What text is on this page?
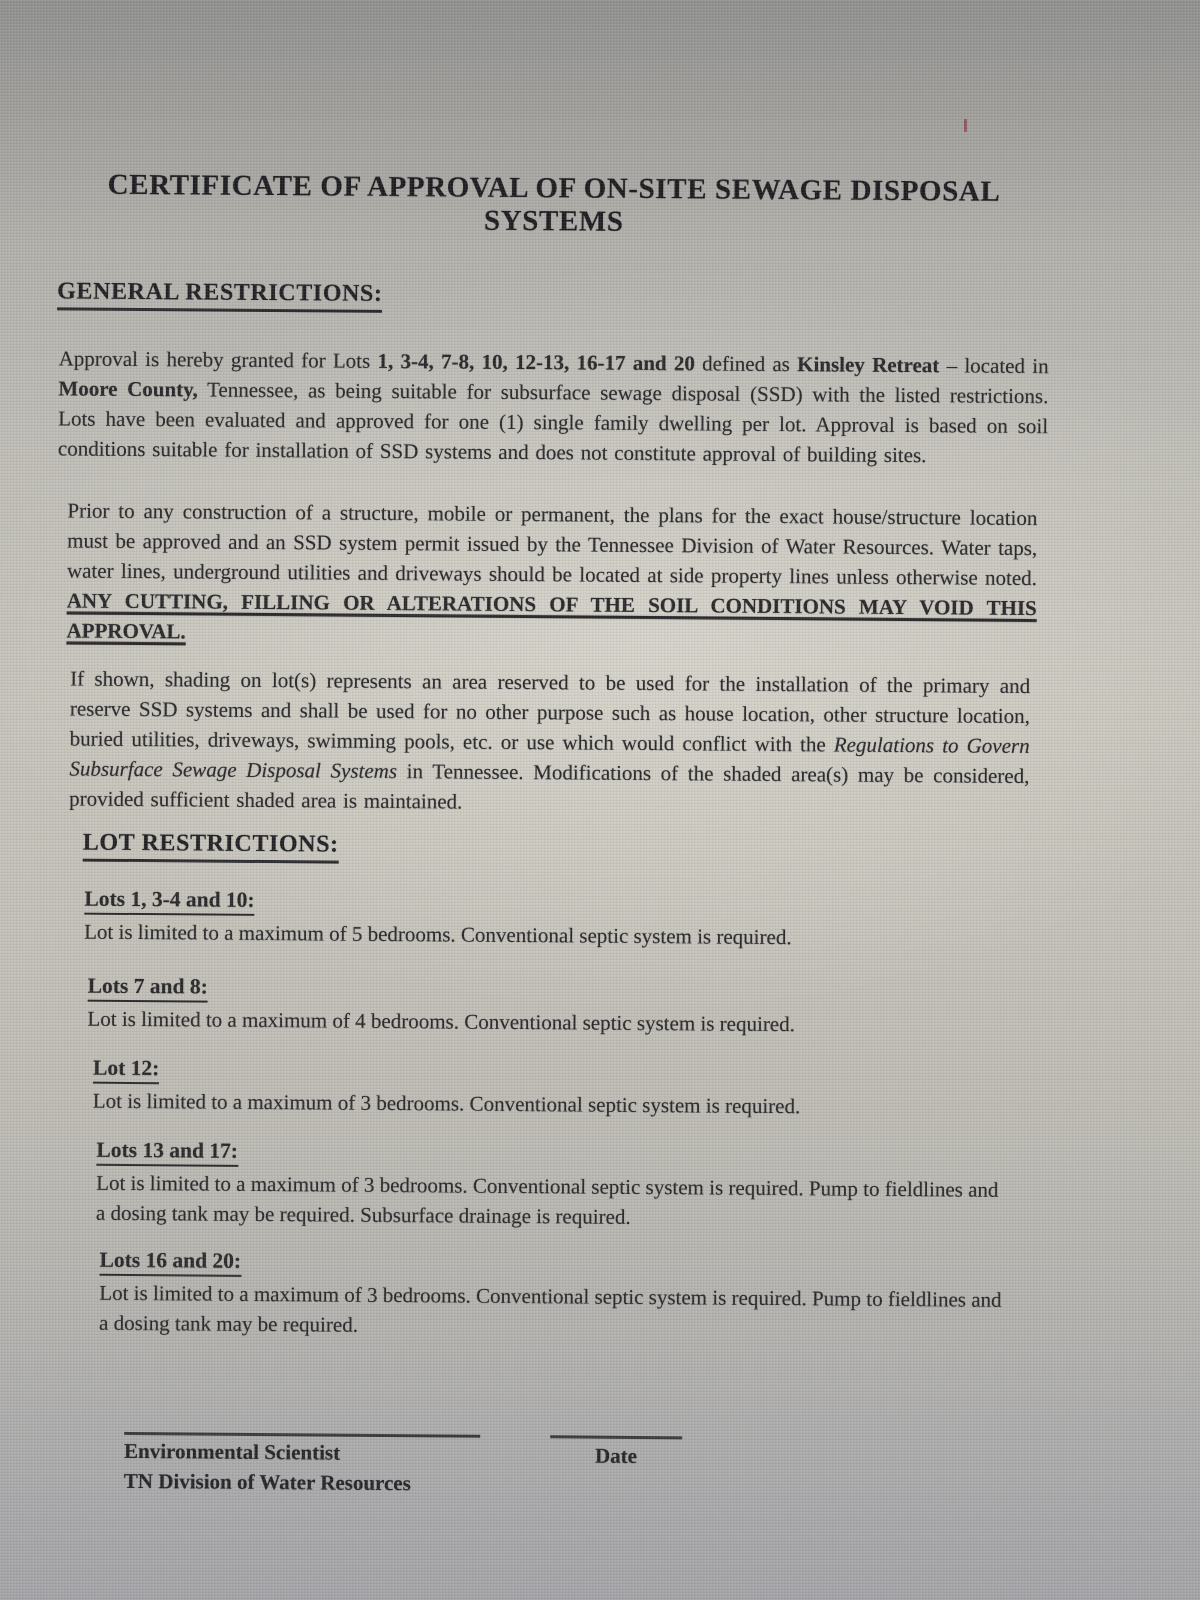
CERTIFICATE OF APPROVAL OF ON-SITE SEWAGE DISPOSAL SYSTEMS
GENERAL RESTRICTIONS:

Approval is hereby granted for Lots 1, 3-4, 7-8, 10, 12-13, 16-17 and 20 defined as Kinsley Retreat – located in Moore County, Tennessee, as being suitable for subsurface sewage disposal (SSD) with the listed restrictions. Lots have been evaluated and approved for one (1) single family dwelling per lot. Approval is based on soil conditions suitable for installation of SSD systems and does not constitute approval of building sites.

Prior to any construction of a structure, mobile or permanent, the plans for the exact house/structure location must be approved and an SSD system permit issued by the Tennessee Division of Water Resources. Water taps, water lines, underground utilities and driveways should be located at side property lines unless otherwise noted. ANY CUTTING, FILLING OR ALTERATIONS OF THE SOIL CONDITIONS MAY VOID THIS APPROVAL.

If shown, shading on lot(s) represents an area reserved to be used for the installation of the primary and reserve SSD systems and shall be used for no other purpose such as house location, other structure location, buried utilities, driveways, swimming pools, etc. or use which would conflict with the Regulations to Govern Subsurface Sewage Disposal Systems in Tennessee. Modifications of the shaded area(s) may be considered, provided sufficient shaded area is maintained.

LOT RESTRICTIONS:
Lots 1, 3-4 and 10:

Lot is limited to a maximum of 5 bedrooms. Conventional septic system is required.

Lots 7 and 8:

Lot is limited to a maximum of 4 bedrooms. Conventional septic system is required.

Lot 12:

Lot is limited to a maximum of 3 bedrooms. Conventional septic system is required.

Lots 13 and 17:

Lot is limited to a maximum of 3 bedrooms. Conventional septic system is required. Pump to fieldlines and a dosing tank may be required. Subsurface drainage is required.

Lots 16 and 20:

Lot is limited to a maximum of 3 bedrooms. Conventional septic system is required. Pump to fieldlines and a dosing tank may be required.

Environmental Scientist
TN Division of Water Resources
Date
